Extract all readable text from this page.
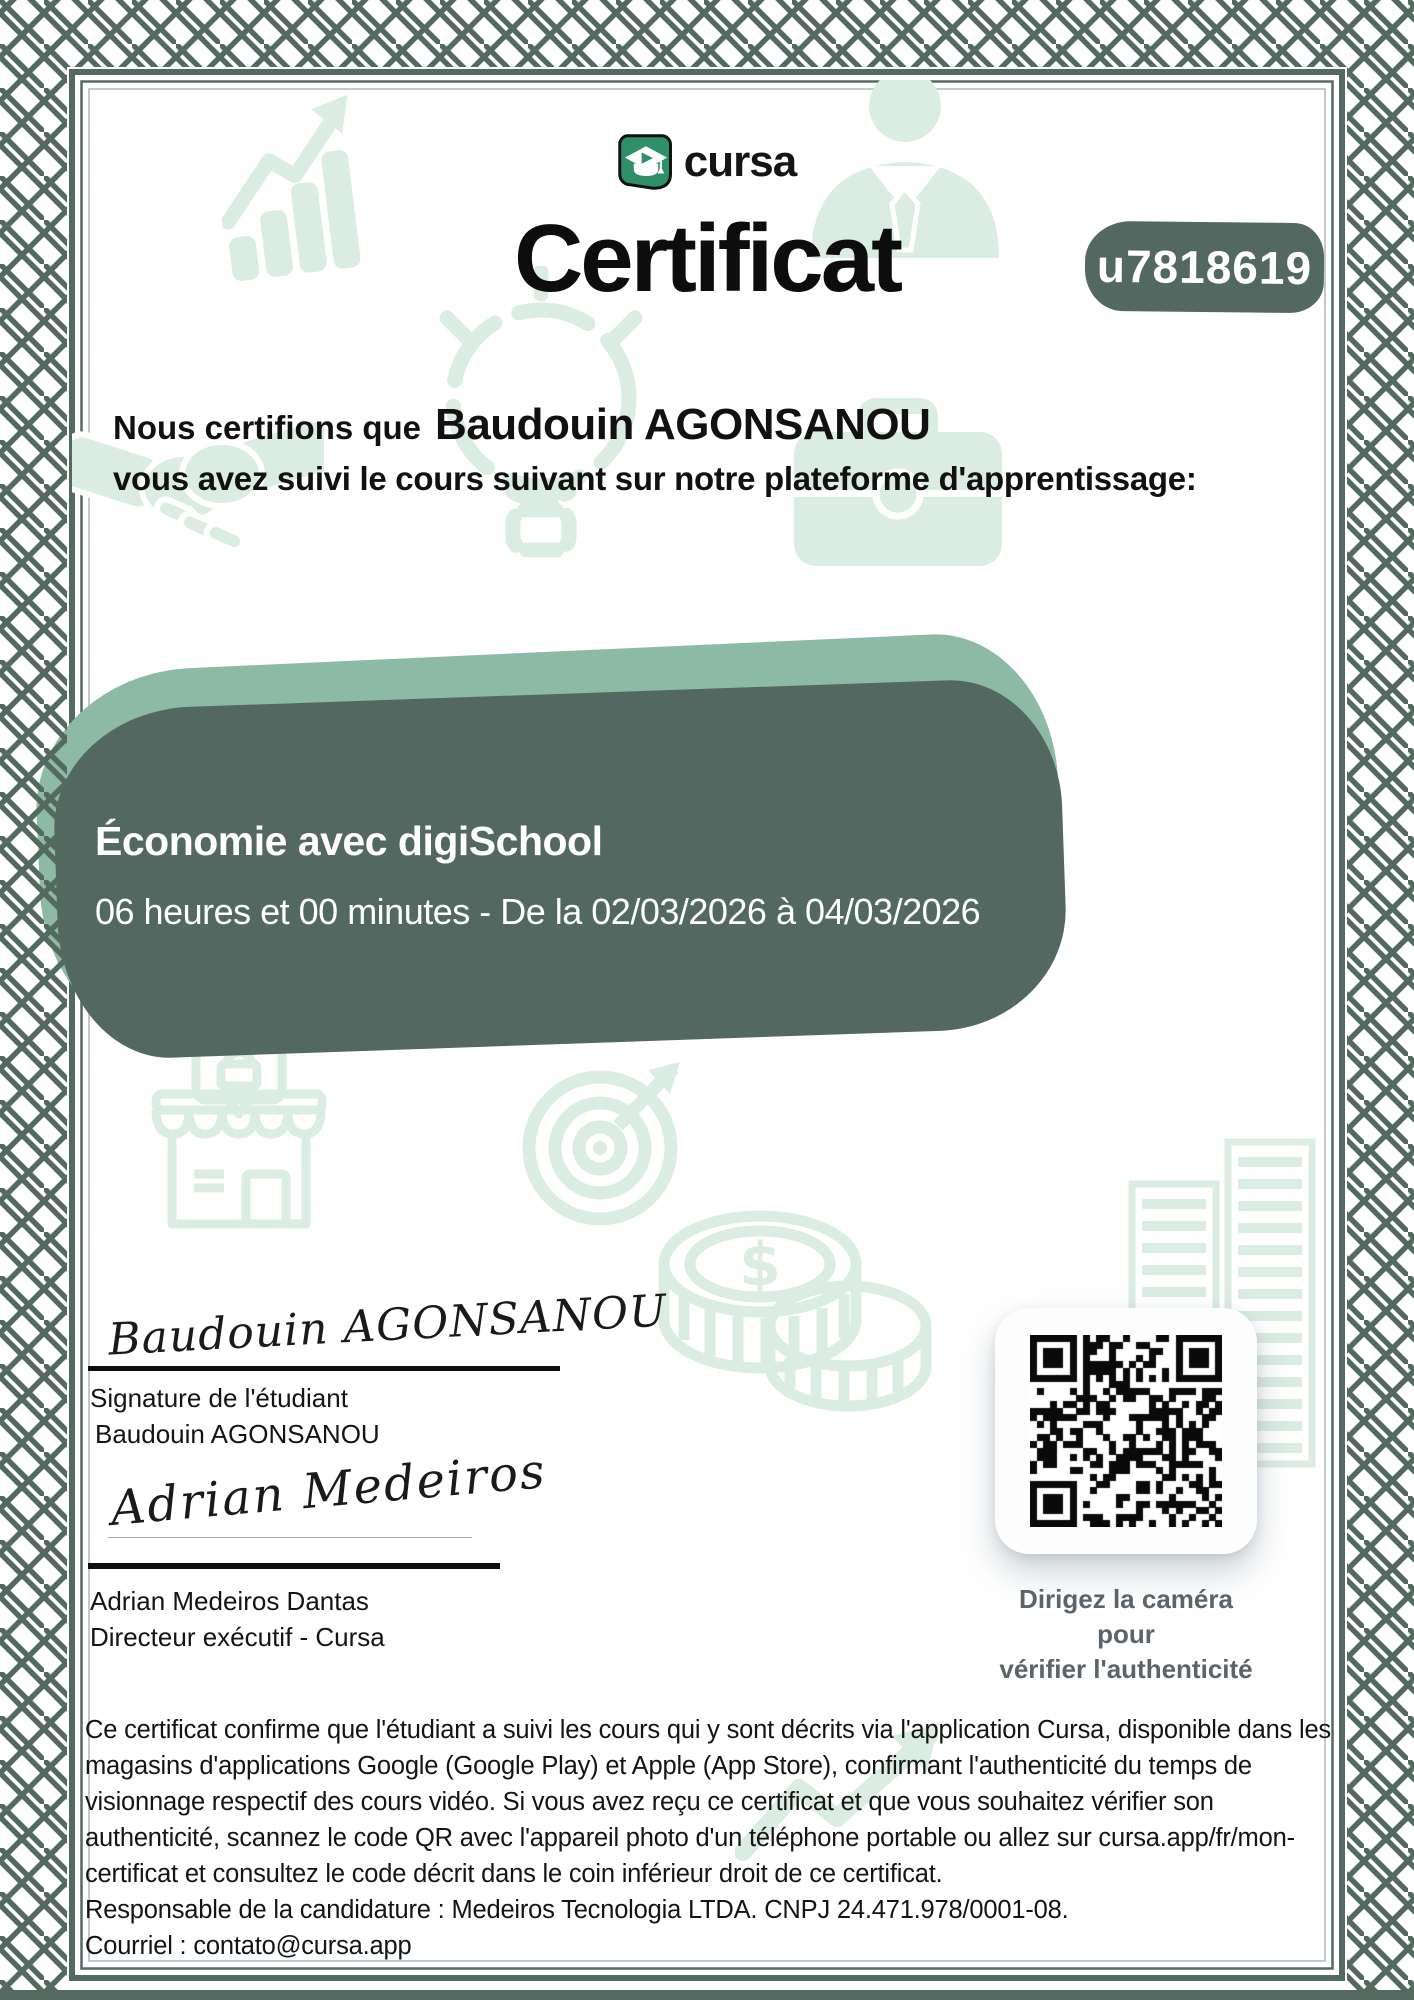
$
cursa
Certificat	u7818619
Nous certifions que Baudouin AGONSANOU
vous avez suivi le cours suivant sur notre plateforme d'apprentissage:
Économie avec digiSchool
06 heures et 00 minutes - De la 02/03/2026 à 04/03/2026
Baudouin AGONSANOU
Signature de l'étudiant
Baudouin AGONSANOU
Adrian Medeiros
Adrian Medeiros Dantas
Directeur exécutif - Cursa
Dirigez la caméra pour
vérifier l'authenticité
Ce certificat confirme que l'étudiant a suivi les cours qui y sont décrits via l'application Cursa, disponible dans les magasins d'applications Google (Google Play) et Apple (App Store), confirmant l'authenticité du temps de visionnage respectif des cours vidéo. Si vous avez reçu ce certificat et que vous souhaitez vérifier son authenticité, scannez le code QR avec l'appareil photo d'un téléphone portable ou allez sur cursa.app/fr/mon-certificat et consultez le code décrit dans le coin inférieur droit de ce certificat.
Responsable de la candidature : Medeiros Tecnologia LTDA. CNPJ 24.471.978/0001-08.
Courriel : contato@cursa.app
